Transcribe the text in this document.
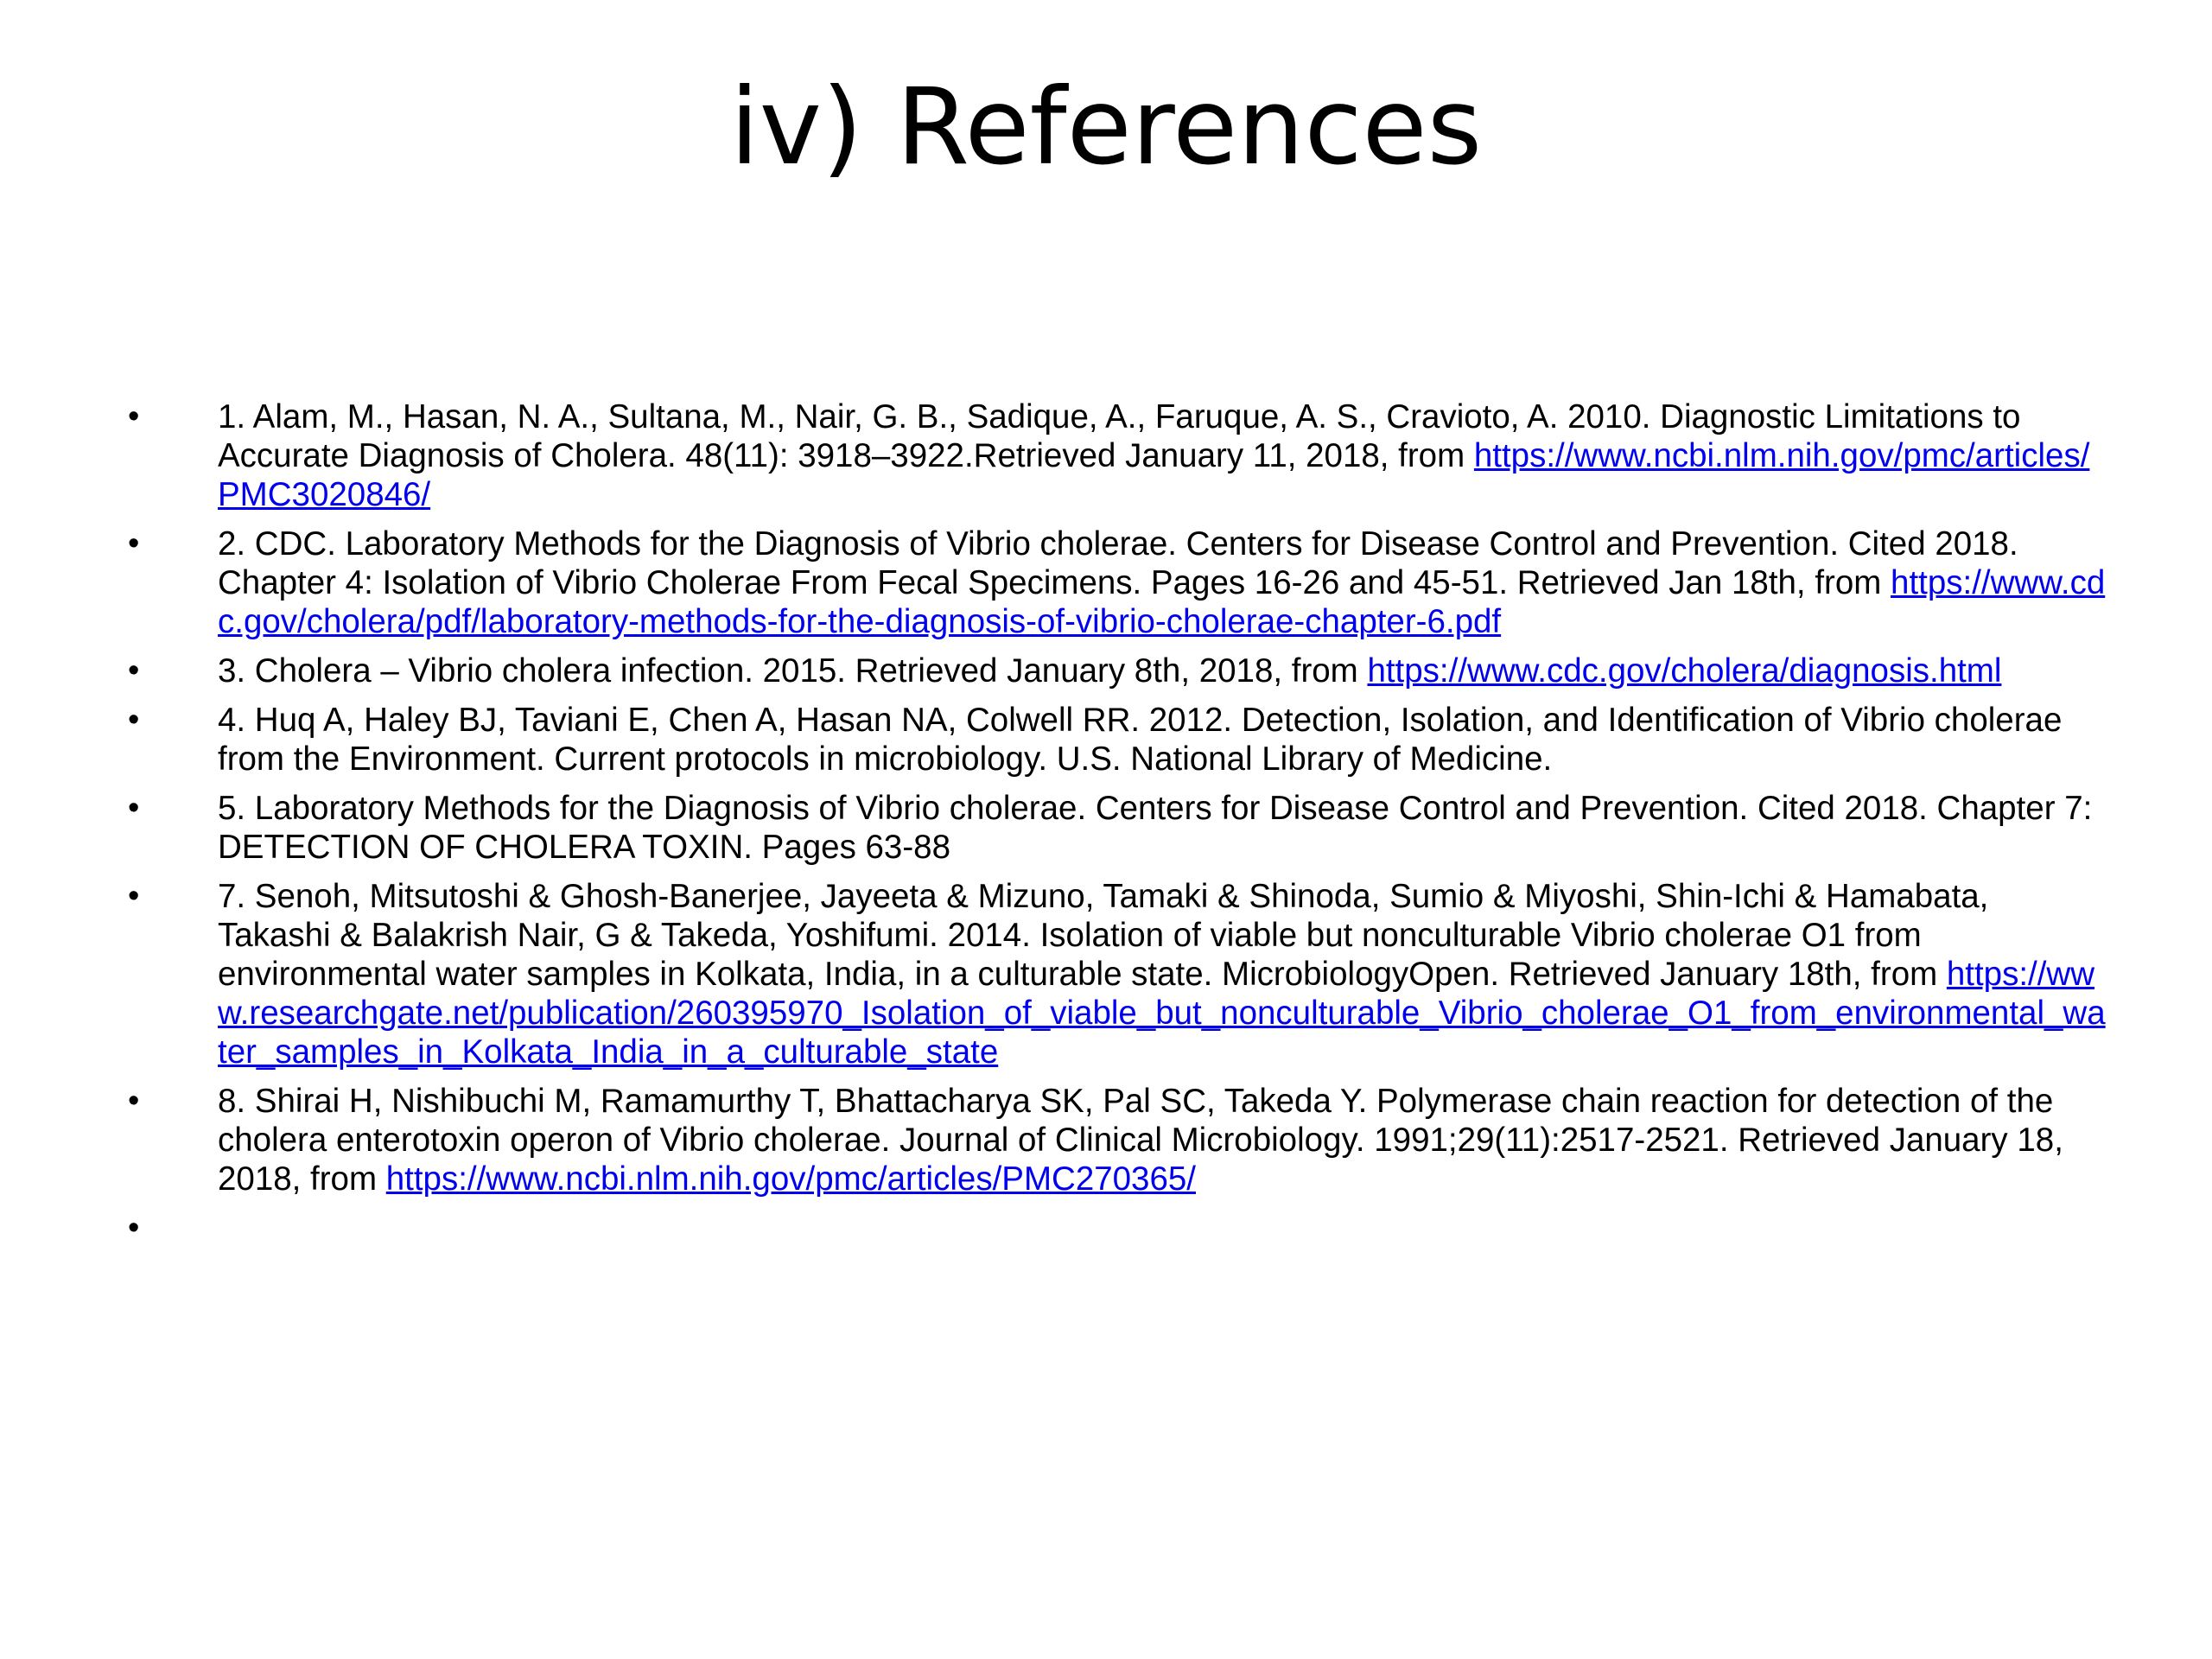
iv) References
•	1. Alam, M., Hasan, N. A., Sultana, M., Nair, G. B., Sadique, A., Faruque, A. S., Cravioto, A. 2010. Diagnostic Limitations to Accurate Diagnosis of Cholera. 48(11): 3918–3922.Retrieved January 11, 2018, from https://www.ncbi.nlm.nih.gov/pmc/articles/PMC3020846/
•	2. CDC. Laboratory Methods for the Diagnosis of Vibrio cholerae. Centers for Disease Control and Prevention. Cited 2018. Chapter 4: Isolation of Vibrio Cholerae From Fecal Specimens. Pages 16-26 and 45-51. Retrieved Jan 18th, from https://www.cdc.gov/cholera/pdf/laboratory-methods-for-the-diagnosis-of-vibrio-cholerae-chapter-6.pdf
•	3. Cholera – Vibrio cholera infection. 2015. Retrieved January 8th, 2018, from https://www.cdc.gov/cholera/diagnosis.html
•	4. Huq A, Haley BJ, Taviani E, Chen A, Hasan NA, Colwell RR. 2012. Detection, Isolation, and Identification of Vibrio cholerae from the Environment. Current protocols in microbiology. U.S. National Library of Medicine.
•	5. Laboratory Methods for the Diagnosis of Vibrio cholerae. Centers for Disease Control and Prevention. Cited 2018. Chapter 7: DETECTION OF CHOLERA TOXIN. Pages 63-88
•	7. Senoh, Mitsutoshi & Ghosh-Banerjee, Jayeeta & Mizuno, Tamaki & Shinoda, Sumio & Miyoshi, Shin-Ichi & Hamabata, Takashi & Balakrish Nair, G & Takeda, Yoshifumi. 2014. Isolation of viable but nonculturable Vibrio cholerae O1 from environmental water samples in Kolkata, India, in a culturable state. MicrobiologyOpen. Retrieved January 18th, from https://www.researchgate.net/publication/260395970_Isolation_of_viable_but_nonculturable_Vibrio_cholerae_O1_from_environmental_water_samples_in_Kolkata_India_in_a_culturable_state
•	8. Shirai H, Nishibuchi M, Ramamurthy T, Bhattacharya SK, Pal SC, Takeda Y. Polymerase chain reaction for detection of the cholera enterotoxin operon of Vibrio cholerae. Journal of Clinical Microbiology. 1991;29(11):2517-2521. Retrieved January 18, 2018, from https://www.ncbi.nlm.nih.gov/pmc/articles/PMC270365/
•
